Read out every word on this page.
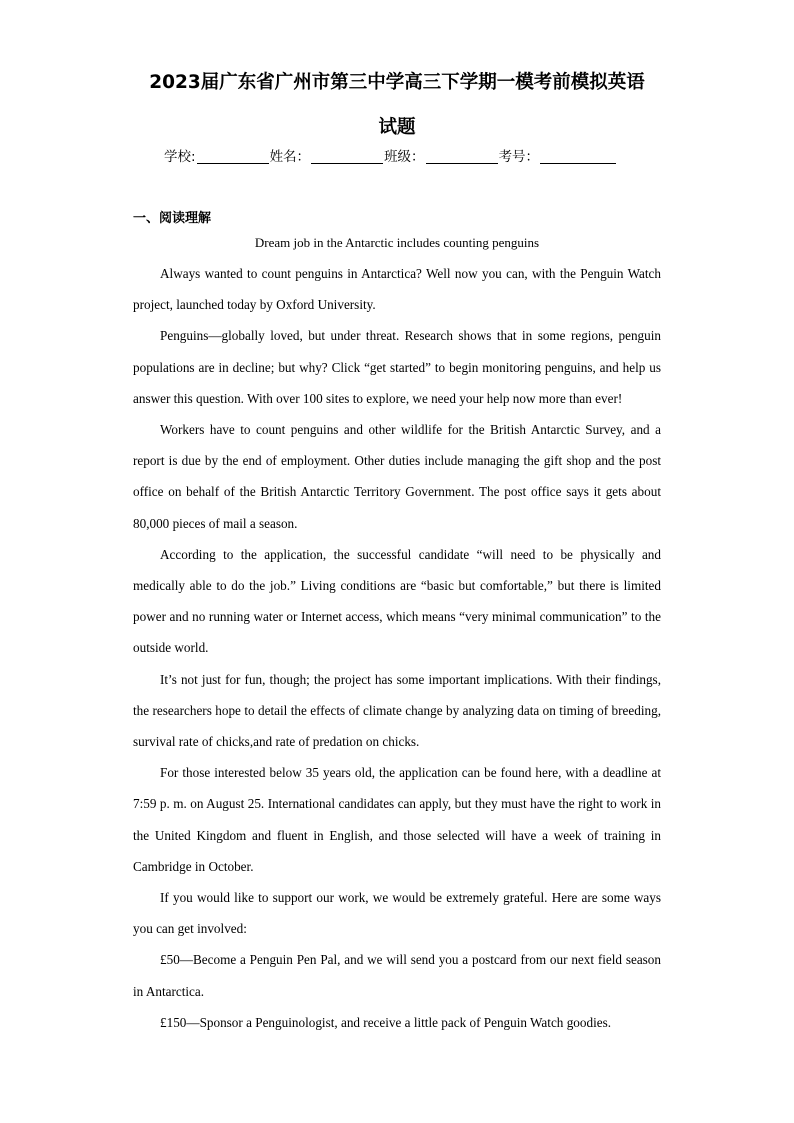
2023届广东省广州市第三中学高三下学期一模考前模拟英语
试题
学校:	姓名：	班级：	考号：
一、阅读理解
Dream job in the Antarctic includes counting penguins

Always wanted to count penguins in Antarctica? Well now you can, with the Penguin Watch project, launched today by Oxford University.

Penguins—globally loved, but under threat. Research shows that in some regions, penguin populations are in decline; but why? Click “get started” to begin monitoring penguins, and help us answer this question. With over 100 sites to explore, we need your help now more than ever!

Workers have to count penguins and other wildlife for the British Antarctic Survey, and a report is due by the end of employment. Other duties include managing the gift shop and the post office on behalf of the British Antarctic Territory Government. The post office says it gets about 80,000 pieces of mail a season.

According to the application, the successful candidate “will need to be physically and medically able to do the job.” Living conditions are “basic but comfortable,” but there is limited power and no running water or Internet access, which means “very minimal communication” to the outside world.

It’s not just for fun, though; the project has some important implications. With their findings, the researchers hope to detail the effects of climate change by analyzing data on timing of breeding, survival rate of chicks,and rate of predation on chicks.

For those interested below 35 years old, the application can be found here, with a deadline at 7:59 p. m. on August 25. International candidates can apply, but they must have the right to work in the United Kingdom and fluent in English, and those selected will have a week of training in Cambridge in October.

If you would like to support our work, we would be extremely grateful. Here are some ways you can get involved:

£50—Become a Penguin Pen Pal, and we will send you a postcard from our next field season in Antarctica.

£150—Sponsor a Penguinologist, and receive a little pack of Penguin Watch goodies.
